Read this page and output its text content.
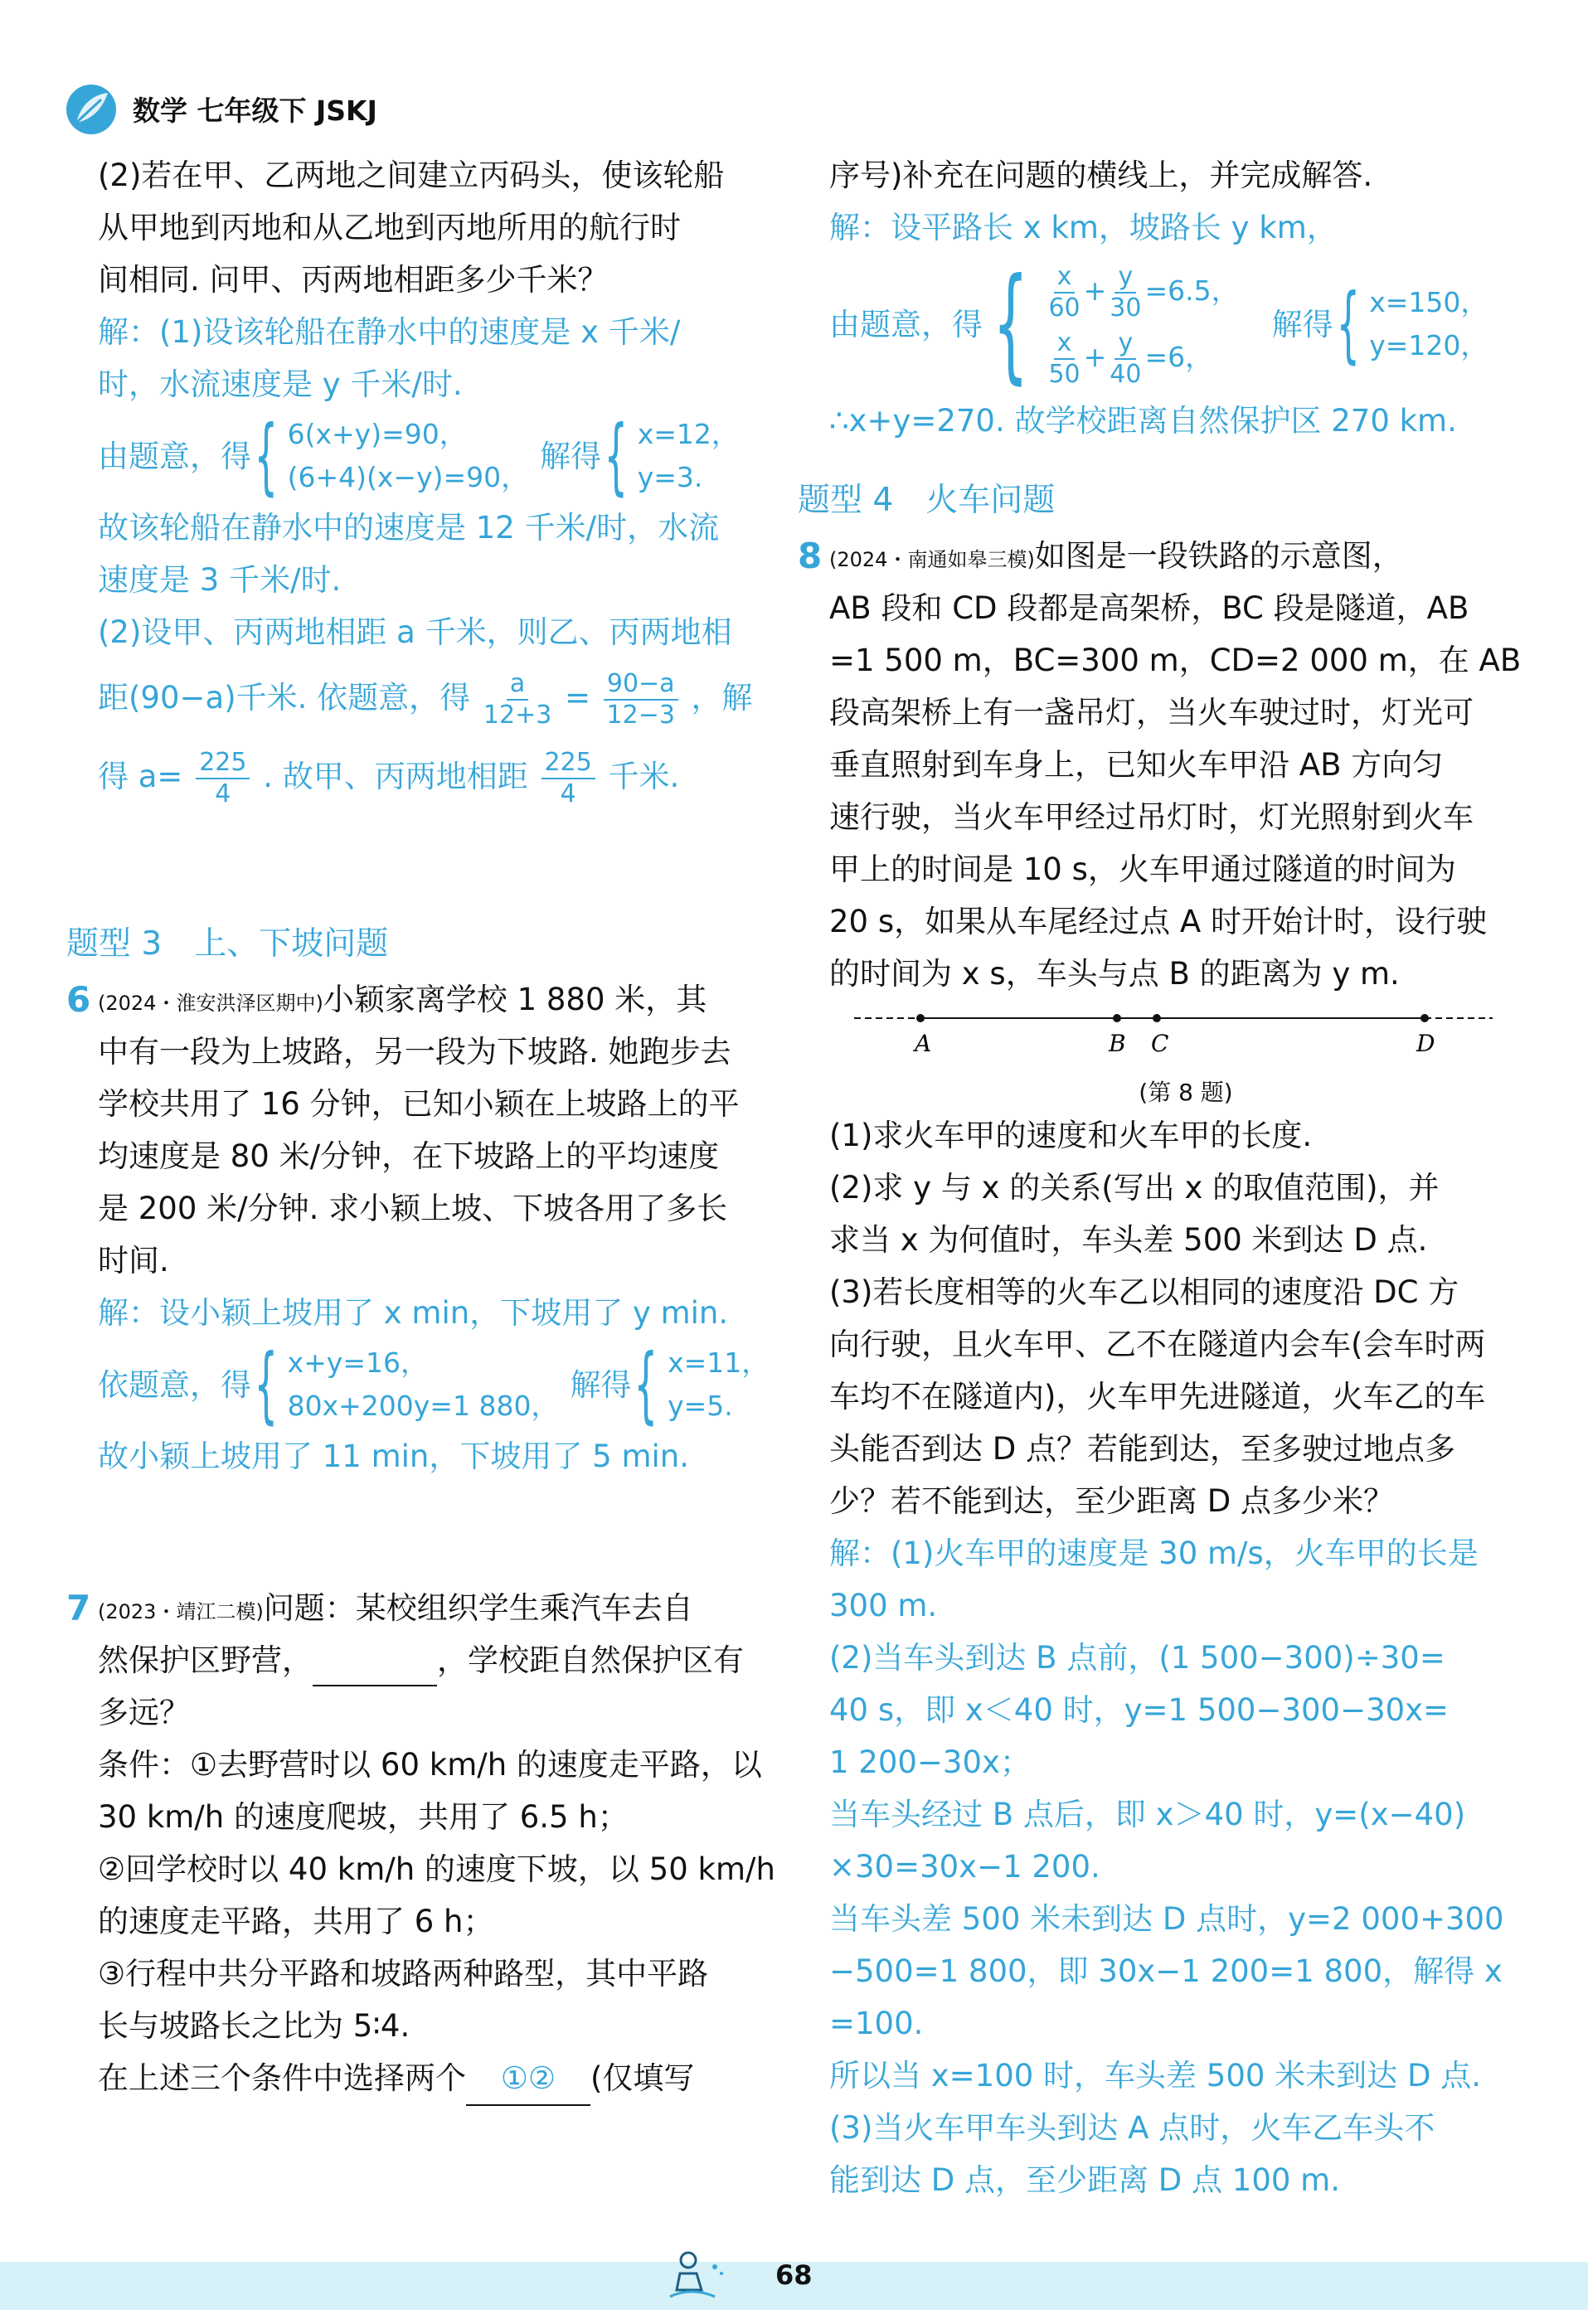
数学 七年级下 JSKJ
(2)若在甲、乙两地之间建立丙码头，使该轮船
从甲地到丙地和从乙地到丙地所用的航行时
间相同. 问甲、丙两地相距多少千米？
解：(1)设该轮船在静水中的速度是 x 千米/
时，水流速度是 y 千米/时.
由题意，得 { 6(x+y)=90，
(6+4)(x−y)=90，
解得 { x=12，
y=3.
故该轮船在静水中的速度是 12 千米/时，水流
速度是 3 千米/时.
(2)设甲、丙两地相距 a 千米，则乙、丙两地相
距(90−a)千米. 依题意，得 $\frac{a}{12+3} = \frac{90-a}{12-3}$ ，解
得 $a= \frac{225}{4}$ . 故甲、丙两地相距 $\frac{225}{4}$ 千米.
题型 3　上、下坡问题
6 (2024・淮安洪泽区期中)小颖家离学校 1 880 米，其
中有一段为上坡路，另一段为下坡路. 她跑步去
学校共用了 16 分钟，已知小颖在上坡路上的平
均速度是 80 米/分钟，在下坡路上的平均速度
是 200 米/分钟. 求小颖上坡、下坡各用了多长
时间.
解：设小颖上坡用了 x min，下坡用了 y min.
依题意，得 { x+y=16，
80x+200y=1 880，
解得 { x=11，
y=5.
故小颖上坡用了 11 min，下坡用了 5 min.
7 (2023・靖江二模)问题：某校组织学生乘汽车去自
然保护区野营，	，学校距自然保护区有
多远？
条件：①去野营时以 60 km/h 的速度走平路，以
30 km/h 的速度爬坡，共用了 6.5 h；
②回学校时以 40 km/h 的速度下坡，以 50 km/h
的速度走平路，共用了 6 h；
③行程中共分平路和坡路两种路型，其中平路
长与坡路长之比为 5∶4.
在上述三个条件中选择两个 ①② (仅填写
序号)补充在问题的横线上，并完成解答.
解：设平路长 x km，坡路长 y km，
由题意，得 { $\frac{x}{60} + \frac{y}{30} =6.5$，
$\frac{x}{50} + \frac{y}{40} =6$，
解得 { x=150，
y=120，
∴x+y=270. 故学校距离自然保护区 270 km.
题型 4　火车问题
8 (2024・南通如皋三模)如图是一段铁路的示意图，
AB 段和 CD 段都是高架桥，BC 段是隧道，AB
=1 500 m，BC=300 m，CD=2 000 m，在 AB
段高架桥上有一盏吊灯，当火车驶过时，灯光可
垂直照射到车身上，已知火车甲沿 AB 方向匀
速行驶，当火车甲经过吊灯时，灯光照射到火车
甲上的时间是 10 s，火车甲通过隧道的时间为
20 s，如果从车尾经过点 A 时开始计时，设行驶
的时间为 x s，车头与点 B 的距离为 y m.
A	B C	D
(第 8 题)
(1)求火车甲的速度和火车甲的长度.
(2)求 y 与 x 的关系(写出 x 的取值范围)，并
求当 x 为何值时，车头差 500 米到达 D 点.
(3)若长度相等的火车乙以相同的速度沿 DC 方
向行驶，且火车甲、乙不在隧道内会车(会车时两
车均不在隧道内)，火车甲先进隧道，火车乙的车
头能否到达 D 点？若能到达，至多驶过地点多
少？若不能到达，至少距离 D 点多少米？
解：(1)火车甲的速度是 30 m/s，火车甲的长是
300 m.
(2)当车头到达 B 点前，(1 500−300)÷30=
40 s，即 x＜40 时，y=1 500−300−30x=
1 200−30x；
当车头经过 B 点后，即 x＞40 时，y=(x−40)
×30=30x−1 200.
当车头差 500 米未到达 D 点时，y=2 000+300
−500=1 800，即 30x−1 200=1 800，解得 x
=100.
所以当 x=100 时，车头差 500 米未到达 D 点.
(3)当火车甲车头到达 A 点时，火车乙车头不
能到达 D 点，至少距离 D 点 100 m.
68
